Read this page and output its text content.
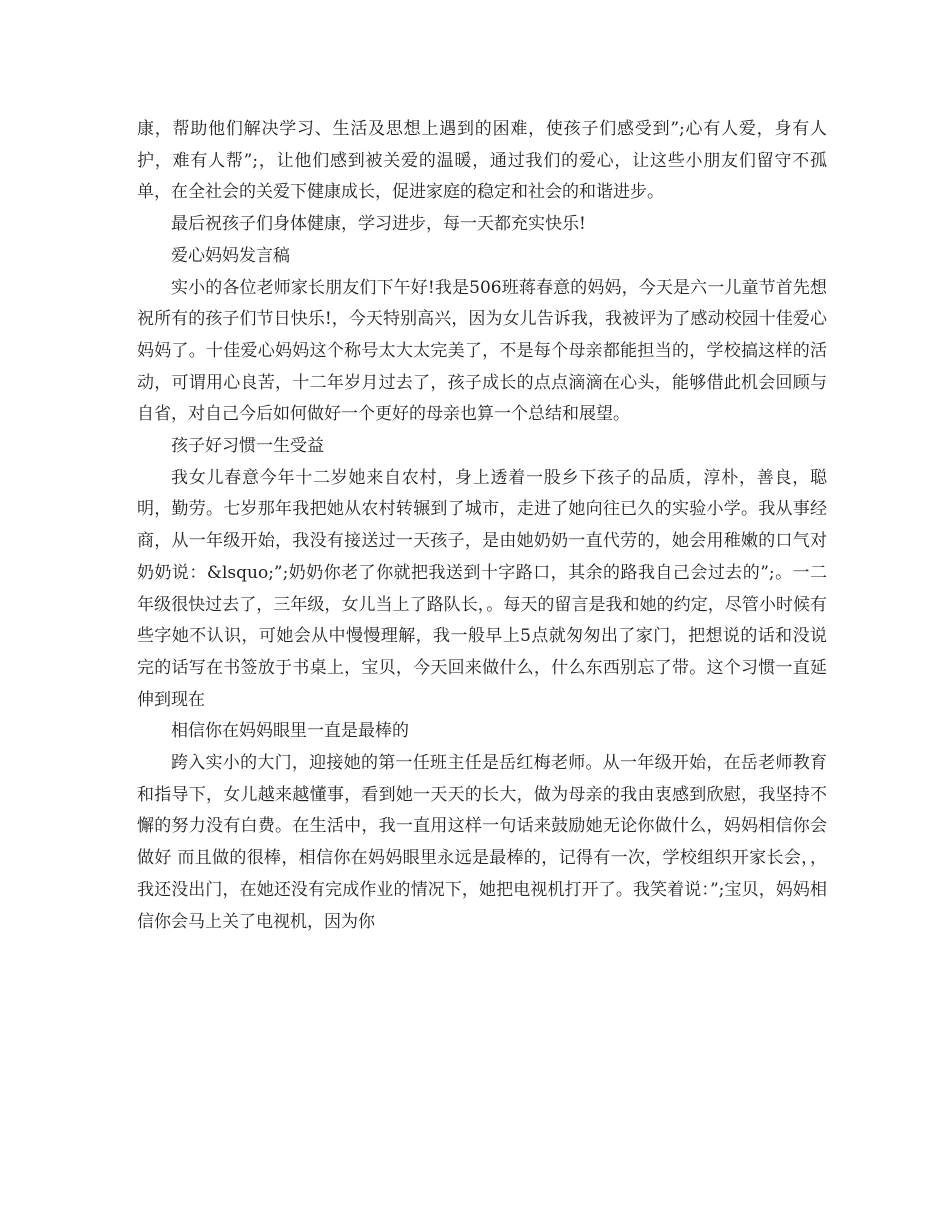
康，帮助他们解决学习、生活及思想上遇到的困难，使孩子们感受到”;心有人爱，身有人护，难有人帮”;，让他们感到被关爱的温暖，通过我们的爱心，让这些小朋友们留守不孤单，在全社会的关爱下健康成长，促进家庭的稳定和社会的和谐进步。

最后祝孩子们身体健康，学习进步，每一天都充实快乐!

爱心妈妈发言稿

实小的各位老师家长朋友们下午好!我是506班蒋春意的妈妈，今天是六一儿童节首先想祝所有的孩子们节日快乐!，今天特别高兴，因为女儿告诉我，我被评为了感动校园十佳爱心妈妈了。十佳爱心妈妈这个称号太大太完美了，不是每个母亲都能担当的，学校搞这样的活动，可谓用心良苦，十二年岁月过去了，孩子成长的点点滴滴在心头，能够借此机会回顾与自省，对自己今后如何做好一个更好的母亲也算一个总结和展望。

孩子好习惯一生受益

我女儿春意今年十二岁她来自农村，身上透着一股乡下孩子的品质，淳朴，善良，聪明，勤劳。七岁那年我把她从农村转辗到了城市，走进了她向往已久的实验小学。我从事经商，从一年级开始，我没有接送过一天孩子，是由她奶奶一直代劳的，她会用稚嫩的口气对奶奶说：&lsquo;”;奶奶你老了你就把我送到十字路口，其余的路我自己会过去的”;。一二年级很快过去了，三年级，女儿当上了路队长，。每天的留言是我和她的约定，尽管小时候有些字她不认识，可她会从中慢慢理解，我一般早上5点就匆匆出了家门，把想说的话和没说完的话写在书签放于书桌上，宝贝，今天回来做什么，什么东西别忘了带。这个习惯一直延伸到现在

相信你在妈妈眼里一直是最棒的

跨入实小的大门，迎接她的第一任班主任是岳红梅老师。从一年级开始，在岳老师教育和指导下，女儿越来越懂事，看到她一天天的长大，做为母亲的我由衷感到欣慰，我坚持不懈的努力没有白费。在生活中，我一直用这样一句话来鼓励她无论你做什么，妈妈相信你会做好 而且做的很棒，相信你在妈妈眼里永远是最棒的，记得有一次，学校组织开家长会，，我还没出门，在她还没有完成作业的情况下，她把电视机打开了。我笑着说：”;宝贝，妈妈相信你会马上关了电视机，因为你
